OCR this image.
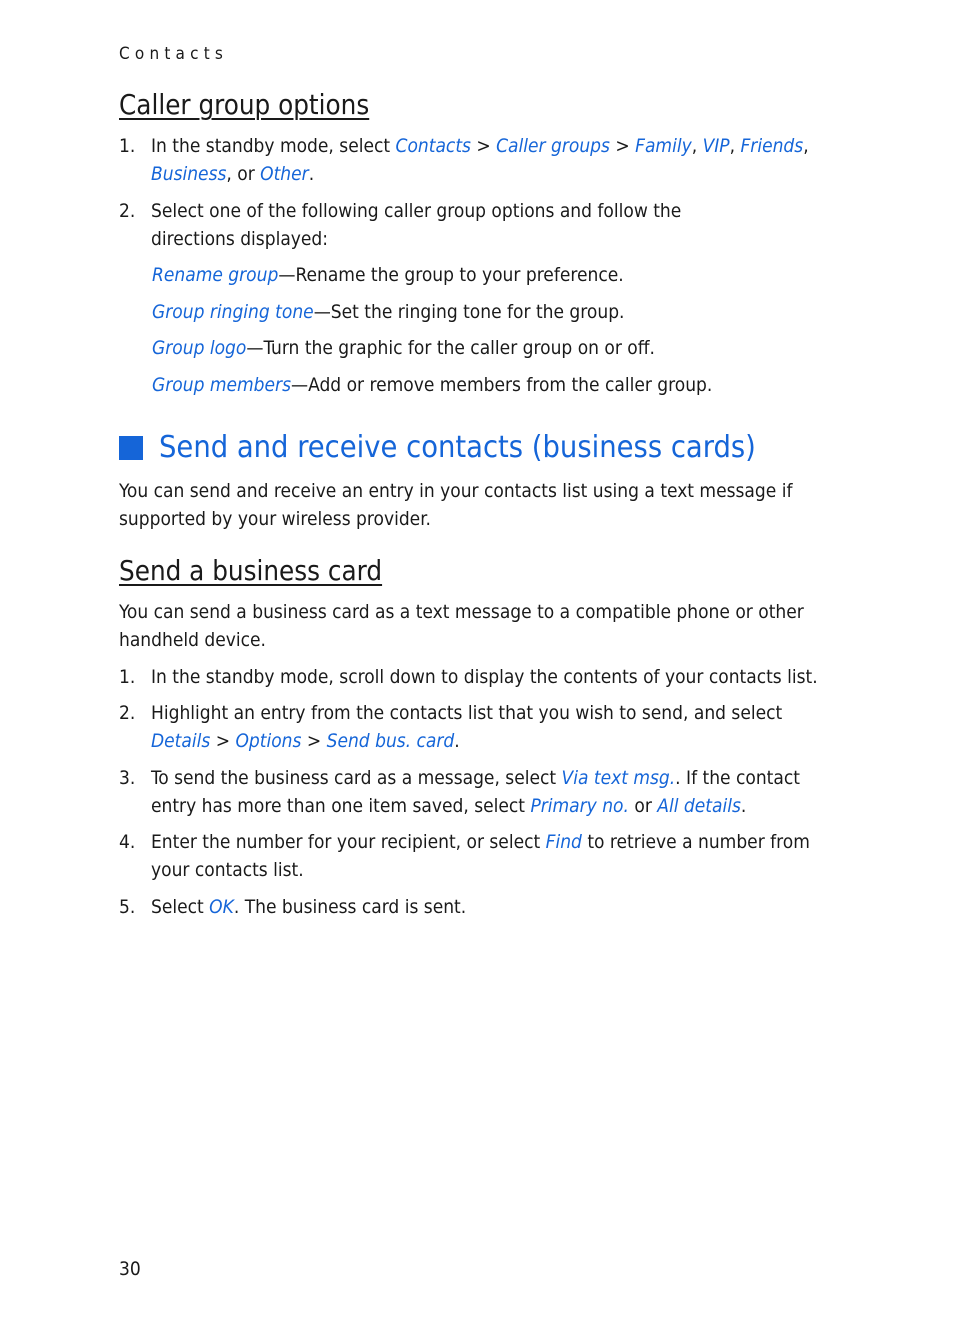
Contacts
Caller group options
1. In the standby mode, select Contacts > Caller groups > Family, VIP, Friends,
Business, or Other.
2. Select one of the following caller group options and follow the
directions displayed:
Rename group—Rename the group to your preference.
Group ringing tone—Set the ringing tone for the group.
Group logo—Turn the graphic for the caller group on or off.
Group members—Add or remove members from the caller group.
Send and receive contacts (business cards)
You can send and receive an entry in your contacts list using a text message if
supported by your wireless provider.
Send a business card
You can send a business card as a text message to a compatible phone or other
handheld device.
1. In the standby mode, scroll down to display the contents of your contacts list.
2. Highlight an entry from the contacts list that you wish to send, and select
Details > Options > Send bus. card.
3. To send the business card as a message, select Via text msg.. If the contact
entry has more than one item saved, select Primary no. or All details.
4. Enter the number for your recipient, or select Find to retrieve a number from
your contacts list.
5. Select OK. The business card is sent.
30
